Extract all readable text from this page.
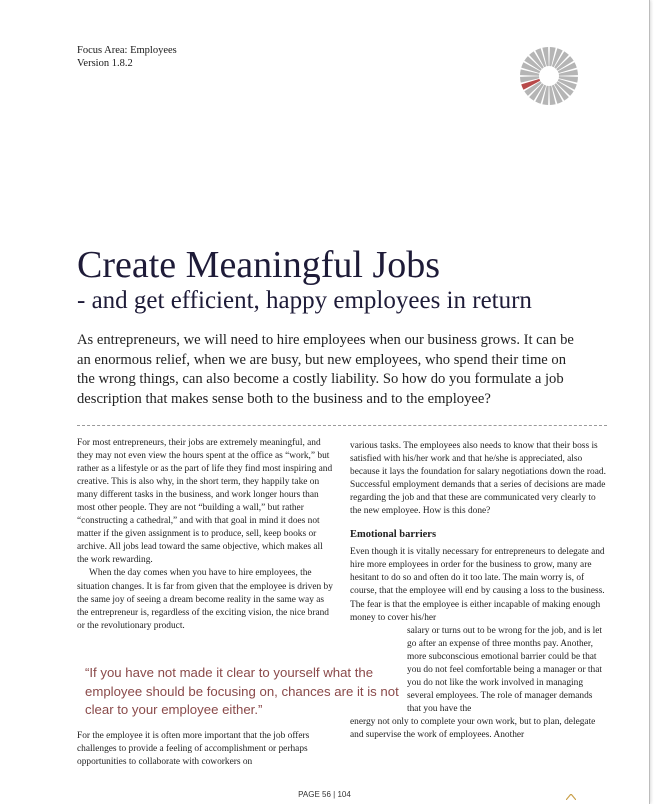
Focus Area: Employees
Version 1.8.2
Create Meaningful Jobs
- and get efficient, happy employees in return
As entrepreneurs, we will need to hire employees when our business grows. It can be an enormous relief, when we are busy, but new employees, who spend their time on the wrong things, can also become a costly liability. So how do you formulate a job description that makes sense both to the business and to the employee?

For most entrepreneurs, their jobs are extremely meaningful, and they may not even view the hours spent at the office as “work,” but rather as a lifestyle or as the part of life they find most inspiring and creative. This is also why, in the short term, they happily take on many different tasks in the business, and work longer hours than most other people. They are not “building a wall,” but rather “constructing a cathedral,” and with that goal in mind it does not matter if the given assignment is to produce, sell, keep books or archive. All jobs lead toward the same objective, which makes all the work rewarding.

When the day comes when you have to hire employees, the situation changes. It is far from given that the employee is driven by the same joy of seeing a dream become reality in the same way as the entrepreneur is, regardless of the exciting vision, the nice brand or the revolutionary product.

“If you have not made it clear to yourself what the employee should be focusing on, chances are it is not clear to your employee either.”

For the employee it is often more important that the job offers challenges to provide a feeling of accomplishment or perhaps opportunities to collaborate with coworkers on

various tasks. The employees also needs to know that their boss is satisfied with his/her work and that he/she is appreciated, also because it lays the foundation for salary negotiations down the road. Successful employment demands that a series of decisions are made regarding the job and that these are communicated very clearly to the new employee. How is this done?

Emotional barriers

Even though it is vitally necessary for entrepreneurs to delegate and hire more employees in order for the business to grow, many are hesitant to do so and often do it too late. The main worry is, of course, that the employee will end by causing a loss to the business. The fear is that the employee is either incapable of making enough money to cover his/her

salary or turns out to be wrong for the job, and is let go after an expense of three months pay. Another, more subconscious emotional barrier could be that you do not feel comfortable being a manager or that you do not like the work involved in managing several employees. The role of manager demands that you have the

energy not only to complete your own work, but to plan, delegate and supervise the work of employees. Another

PAGE 56 | 104
